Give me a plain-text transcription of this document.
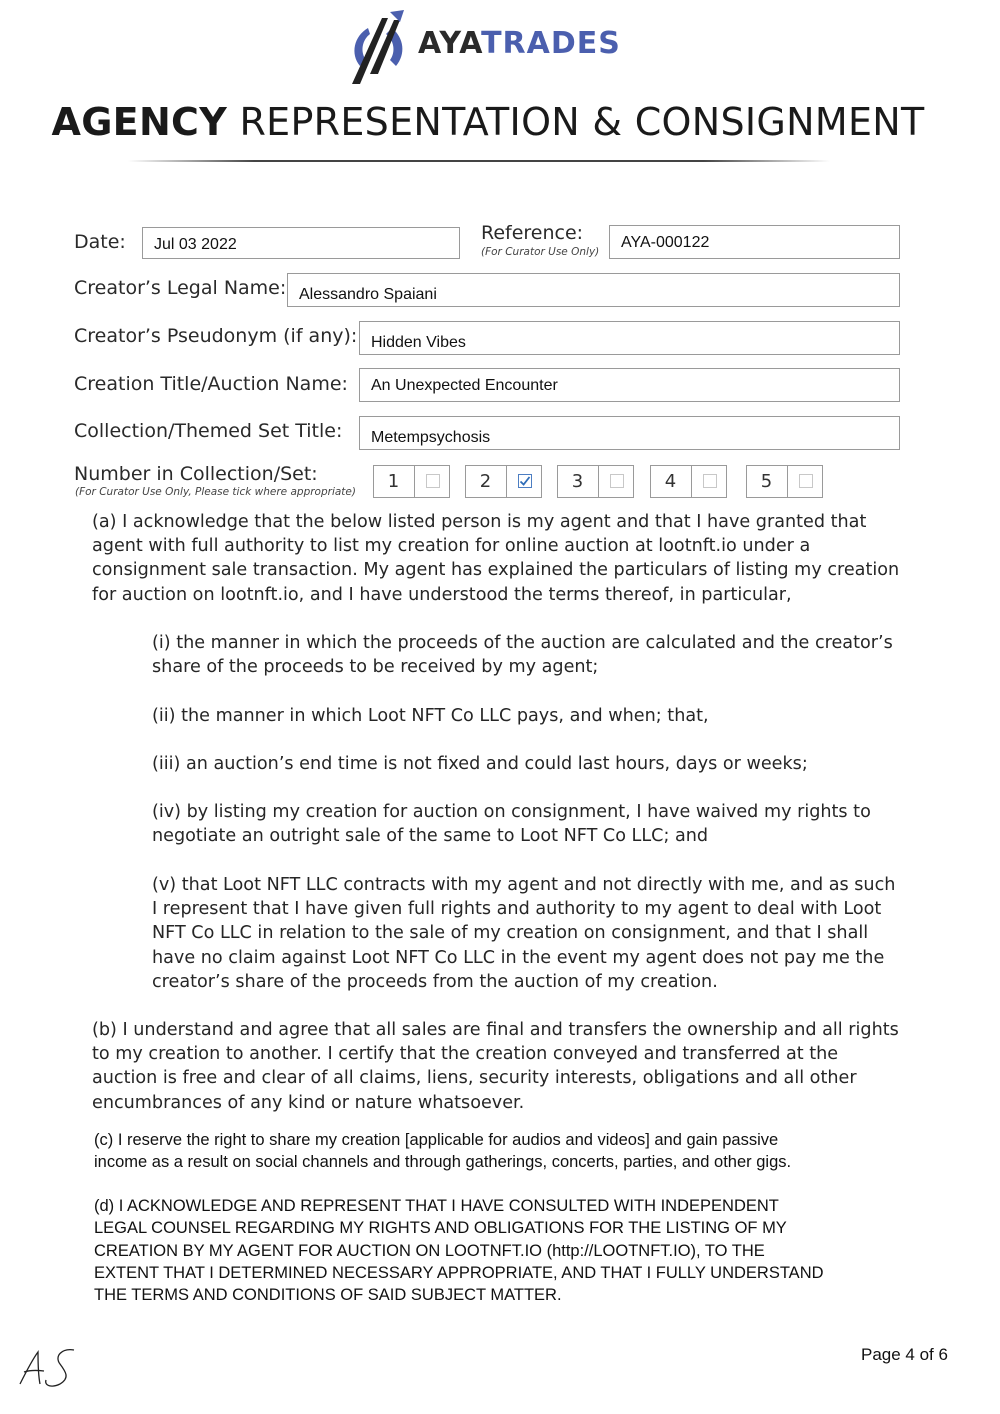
AYATRADES
AGENCY REPRESENTATION & CONSIGNMENT
Date:	Jul 03 2022
Reference:
(For Curator Use Only)
AYA-000122
Creator’s Legal Name: Alessandro Spaiani
Creator’s Pseudonym (if any): Hidden Vibes
Creation Title/Auction Name:	An Unexpected Encounter
Collection/Themed Set Title:	Metempsychosis
Number in Collection/Set:
(For Curator Use Only, Please tick where appropriate)	1	2	3	4	5
(a) I acknowledge that the below listed person is my agent and that I have granted that
agent with full authority to list my creation for online auction at lootnft.io under a
consignment sale transaction. My agent has explained the particulars of listing my creation
for auction on lootnft.io, and I have understood the terms thereof, in particular,
(i) the manner in which the proceeds of the auction are calculated and the creator’s
share of the proceeds to be received by my agent;
(ii) the manner in which Loot NFT Co LLC pays, and when; that,
(iii) an auction’s end time is not fixed and could last hours, days or weeks;
(iv) by listing my creation for auction on consignment, I have waived my rights to
negotiate an outright sale of the same to Loot NFT Co LLC; and
(v) that Loot NFT LLC contracts with my agent and not directly with me, and as such
I represent that I have given full rights and authority to my agent to deal with Loot
NFT Co LLC in relation to the sale of my creation on consignment, and that I shall
have no claim against Loot NFT Co LLC in the event my agent does not pay me the
creator’s share of the proceeds from the auction of my creation.
(b) I understand and agree that all sales are final and transfers the ownership and all rights
to my creation to another. I certify that the creation conveyed and transferred at the
auction is free and clear of all claims, liens, security interests, obligations and all other
encumbrances of any kind or nature whatsoever.
(c) I reserve the right to share my creation [applicable for audios and videos] and gain passive
income as a result on social channels and through gatherings, concerts, parties, and other gigs.
(d) I ACKNOWLEDGE AND REPRESENT THAT I HAVE CONSULTED WITH INDEPENDENT
LEGAL COUNSEL REGARDING MY RIGHTS AND OBLIGATIONS FOR THE LISTING OF MY
CREATION BY MY AGENT FOR AUCTION ON LOOTNFT.IO (http://LOOTNFT.IO), TO THE
EXTENT THAT I DETERMINED NECESSARY APPROPRIATE, AND THAT I FULLY UNDERSTAND
THE TERMS AND CONDITIONS OF SAID SUBJECT MATTER.
Page 4 of 6
